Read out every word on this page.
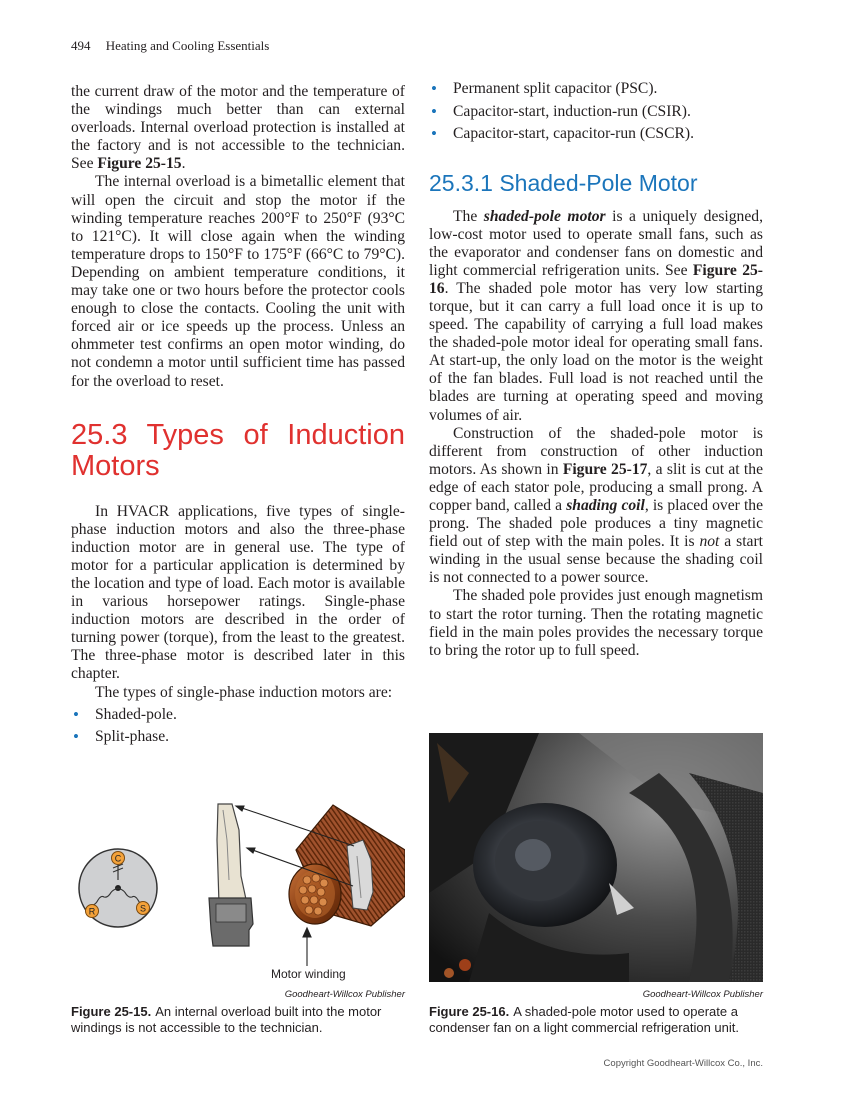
494 Heating and Cooling Essentials

the current draw of the motor and the temperature of the windings much better than can external overloads. Internal overload protection is installed at the factory and is not accessible to the technician. See Figure 25-15.

The internal overload is a bimetallic element that will open the circuit and stop the motor if the winding temperature reaches 200°F to 250°F (93°C to 121°C). It will close again when the winding temperature drops to 150°F to 175°F (66°C to 79°C). Depending on ambient temperature conditions, it may take one or two hours before the protector cools enough to close the contacts. Cooling the unit with forced air or ice speeds up the process. Unless an ohmmeter test confirms an open motor winding, do not condemn a motor until sufficient time has passed for the overload to reset.

25.3 Types of Induction Motors

In HVACR applications, five types of single-phase induction motors and also the three-phase induction motor are in general use. The type of motor for a particular application is determined by the location and type of load. Each motor is available in various horsepower ratings. Single-phase induction motors are described in the order of turning power (torque), from the least to the greatest. The three-phase motor is described later in this chapter.

The types of single-phase induction motors are:

• Shaded-pole.
• Split-phase.
• Permanent split capacitor (PSC).
• Capacitor-start, induction-run (CSIR).
• Capacitor-start, capacitor-run (CSCR).
25.3.1 Shaded-Pole Motor

The shaded-pole motor is a uniquely designed, low-cost motor used to operate small fans, such as the evaporator and condenser fans on domestic and light commercial refrigeration units. See Figure 25-16. The shaded pole motor has very low starting torque, but it can carry a full load once it is up to speed. The capability of carrying a full load makes the shaded-pole motor ideal for operating small fans. At start-up, the only load on the motor is the weight of the fan blades. Full load is not reached until the blades are turning at operating speed and moving volumes of air.

Construction of the shaded-pole motor is different from construction of other induction motors. As shown in Figure 25-17, a slit is cut at the edge of each stator pole, producing a small prong. A copper band, called a shading coil, is placed over the prong. The shaded pole produces a tiny magnetic field out of step with the main poles. It is not a start winding in the usual sense because the shading coil is not connected to a power source.

The shaded pole provides just enough magnetism to start the rotor turning. Then the rotating magnetic field in the main poles provides the necessary torque to bring the rotor up to full speed.

C
R	S
Motor winding
Goodheart-Willcox Publisher
Figure 25-15. An internal overload built into the motor windings is not accessible to the technician.
Goodheart-Willcox Publisher
Figure 25-16. A shaded-pole motor used to operate a condenser fan on a light commercial refrigeration unit.
Copyright Goodheart-Willcox Co., Inc.
